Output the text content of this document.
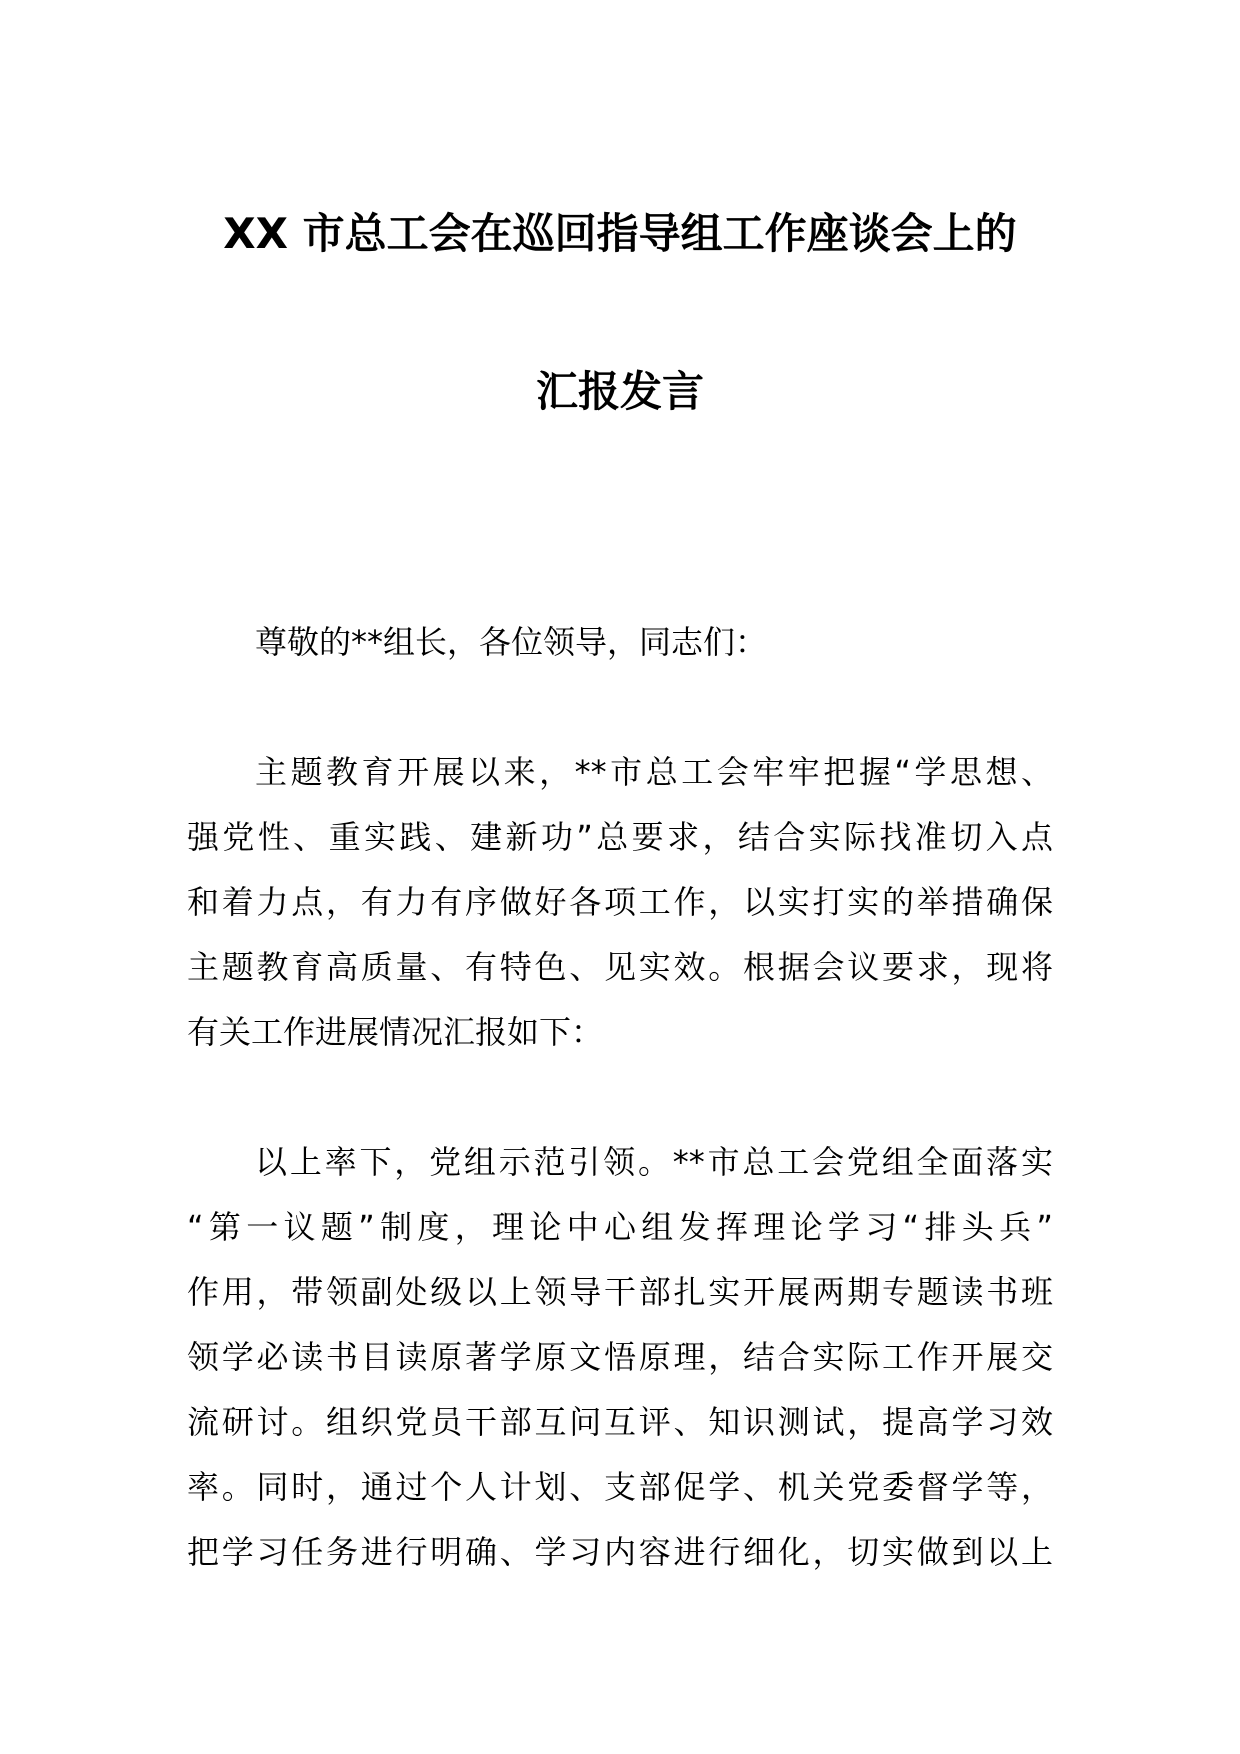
XX 市总工会在巡回指导组工作座谈会上的
汇报发言
尊敬的**组长，各位领导，同志们：
主题教育开展以来，**市总工会牢牢把握“学思想、
强党性、重实践、建新功”总要求，结合实际找准切入点
和着力点，有力有序做好各项工作，以实打实的举措确保
主题教育高质量、有特色、见实效。根据会议要求，现将
有关工作进展情况汇报如下：
以上率下，党组示范引领。**市总工会党组全面落实
“第一议题”制度，理论中心组发挥理论学习“排头兵”
作用，带领副处级以上领导干部扎实开展两期专题读书班
领学必读书目读原著学原文悟原理，结合实际工作开展交
流研讨。组织党员干部互问互评、知识测试，提高学习效
率。同时，通过个人计划、支部促学、机关党委督学等，
把学习任务进行明确、学习内容进行细化，切实做到以上
